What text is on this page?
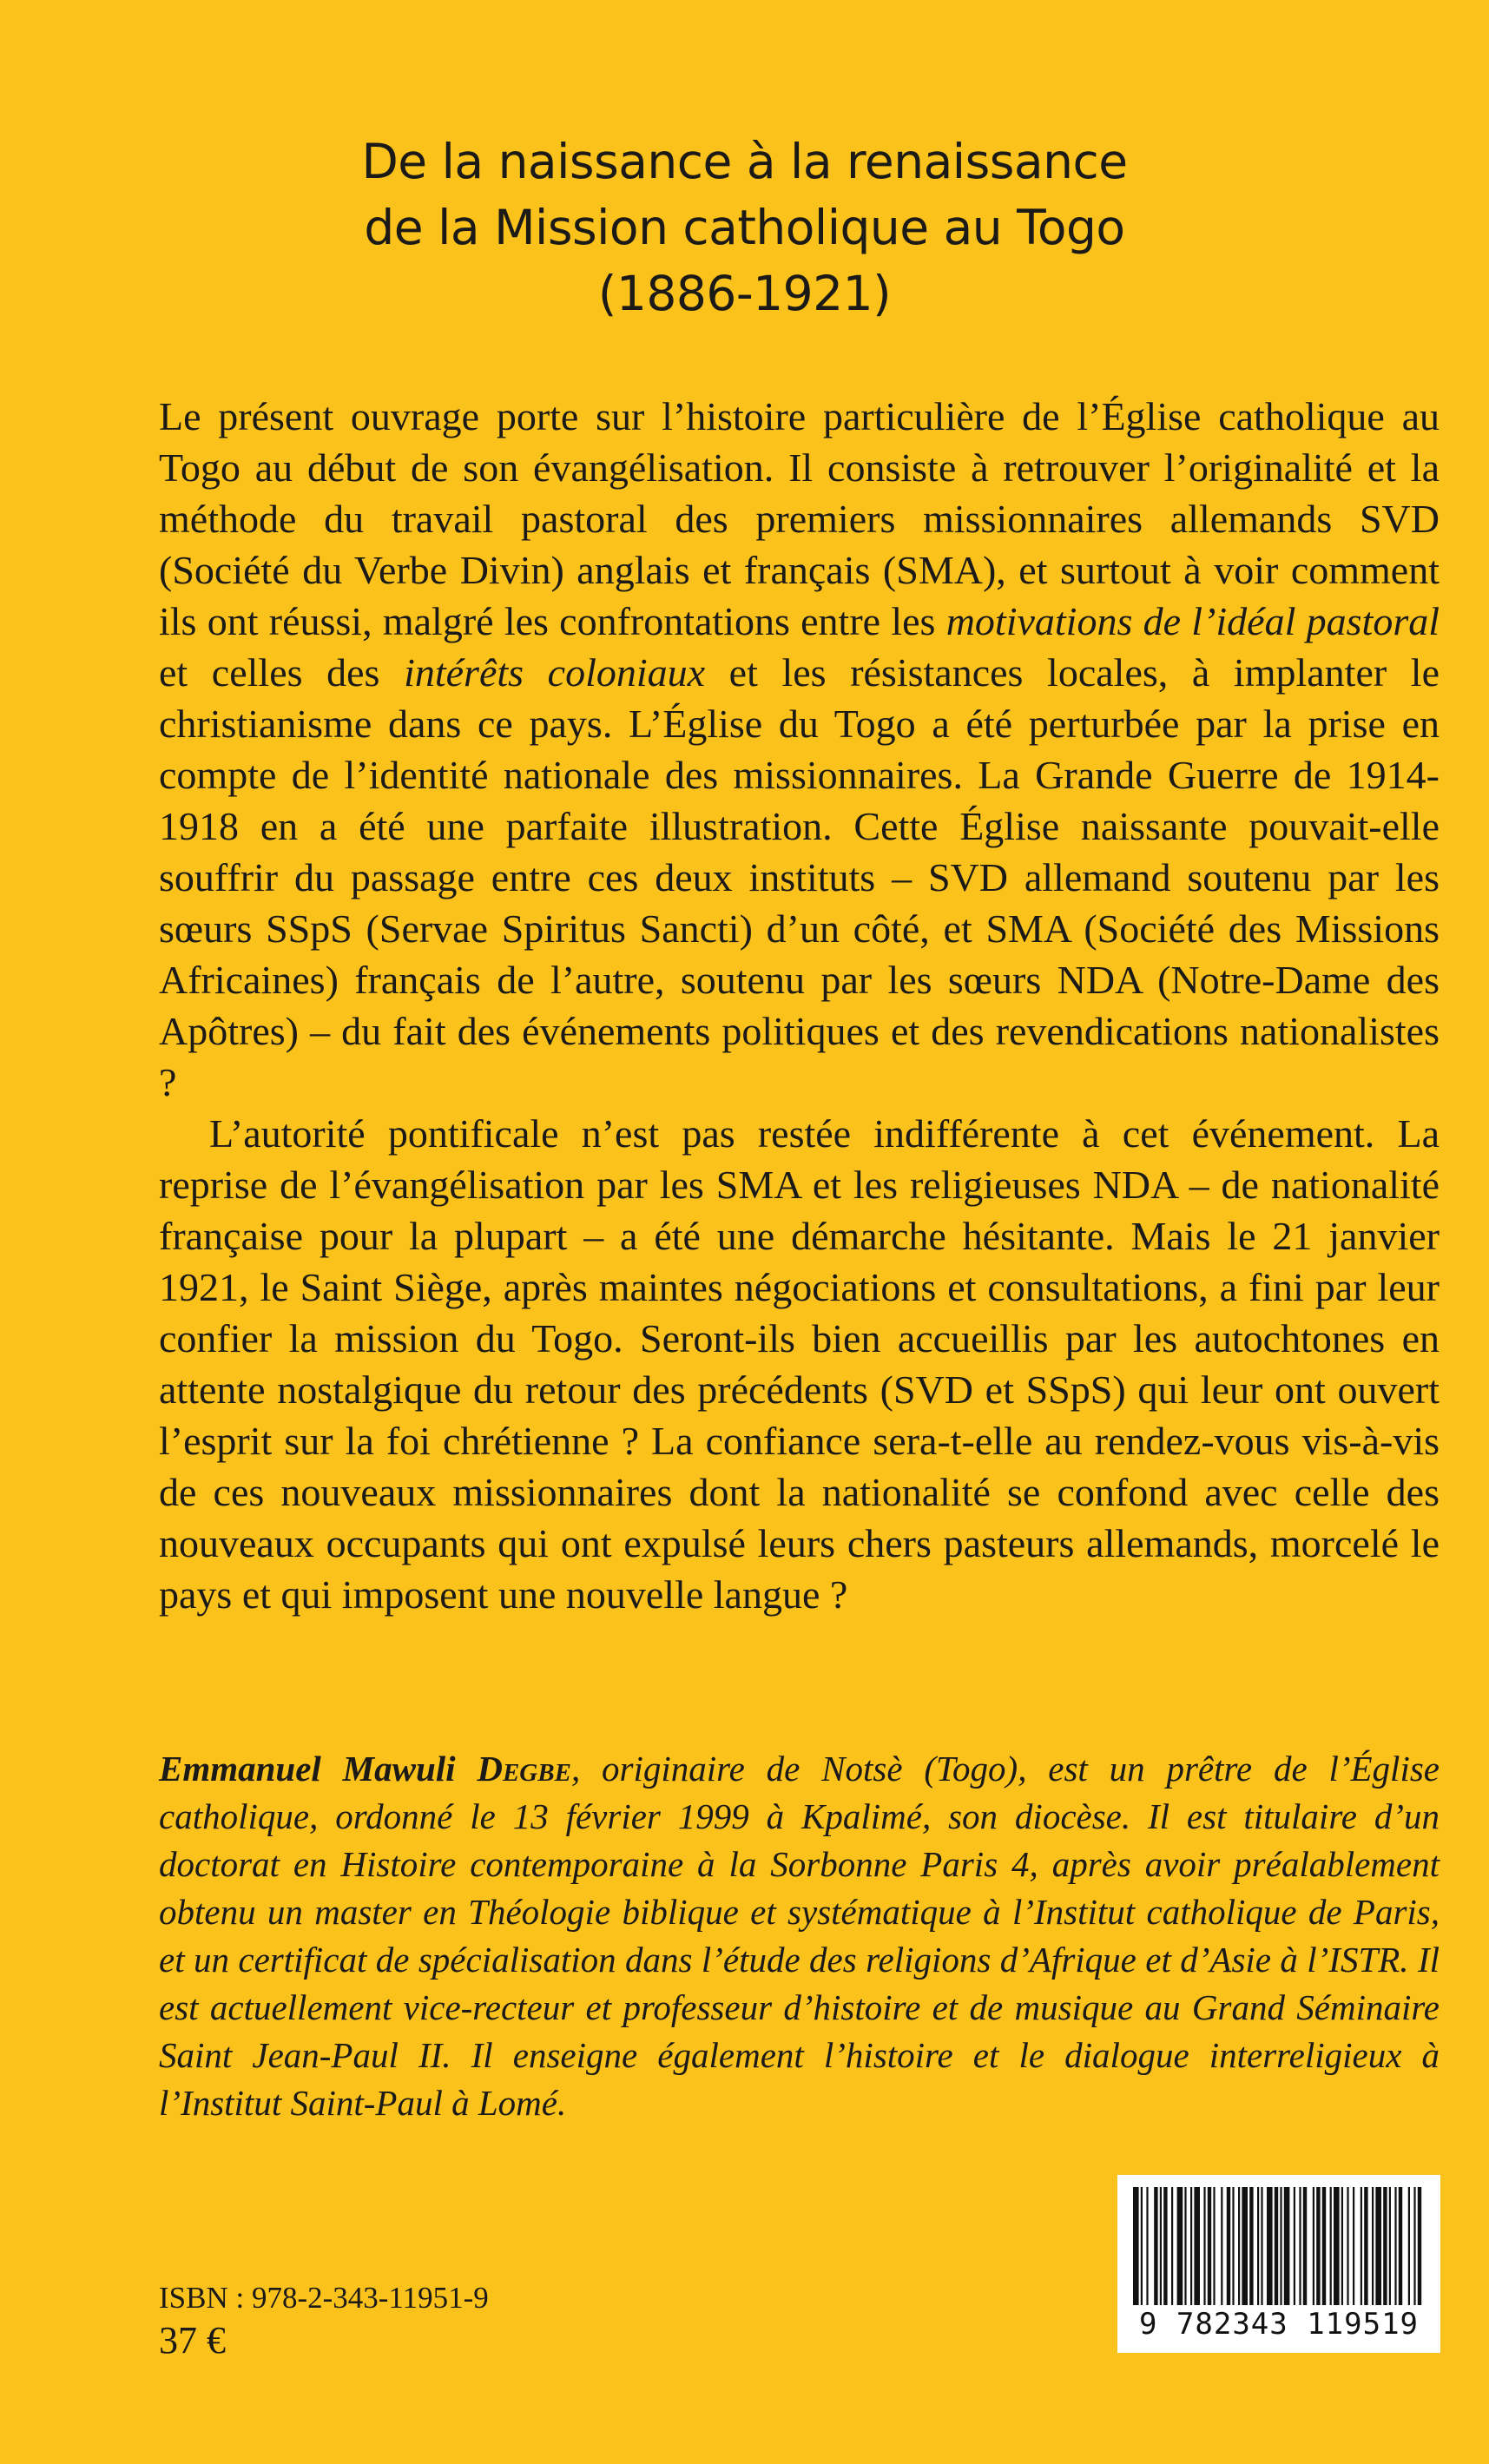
De la naissance à la renaissance
de la Mission catholique au Togo
(1886-1921)

Le présent ouvrage porte sur l’histoire particulière de l’Église catholique au Togo au début de son évangélisation. Il consiste à retrouver l’originalité et la méthode du travail pastoral des premiers missionnaires allemands SVD (Société du Verbe Divin) anglais et français (SMA), et surtout à voir comment ils ont réussi, malgré les confrontations entre les motivations de l’idéal pastoral et celles des intérêts coloniaux et les résistances locales, à implanter le christianisme dans ce pays. L’Église du Togo a été perturbée par la prise en compte de l’identité nationale des missionnaires. La Grande Guerre de 1914-1918 en a été une parfaite illustration. Cette Église naissante pouvait-elle souffrir du passage entre ces deux instituts – SVD allemand soutenu par les sœurs SSpS (Servae Spiritus Sancti) d’un côté, et SMA (Société des Missions Africaines) français de l’autre, soutenu par les sœurs NDA (Notre-Dame des Apôtres) – du fait des événements politiques et des revendications nationalistes ?

L’autorité pontificale n’est pas restée indifférente à cet événement. La reprise de l’évangélisation par les SMA et les religieuses NDA – de nationalité française pour la plupart – a été une démarche hésitante. Mais le 21 janvier 1921, le Saint Siège, après maintes négociations et consultations, a fini par leur confier la mission du Togo. Seront-ils bien accueillis par les autochtones en attente nostalgique du retour des précédents (SVD et SSpS) qui leur ont ouvert l’esprit sur la foi chrétienne ? La confiance sera-t-elle au rendez-vous vis-à-vis de ces nouveaux missionnaires dont la nationalité se confond avec celle des nouveaux occupants qui ont expulsé leurs chers pasteurs allemands, morcelé le pays et qui imposent une nouvelle langue ?

Emmanuel Mawuli Degbe, originaire de Notsè (Togo), est un prêtre de l’Église catholique, ordonné le 13 février 1999 à Kpalimé, son diocèse. Il est titulaire d’un doctorat en Histoire contemporaine à la Sorbonne Paris 4, après avoir préalablement obtenu un master en Théologie biblique et systématique à l’Institut catholique de Paris, et un certificat de spécialisation dans l’étude des religions d’Afrique et d’Asie à l’ISTR. Il est actuellement vice-recteur et professeur d’histoire et de musique au Grand Séminaire Saint Jean-Paul II. Il enseigne également l’histoire et le dialogue interreligieux à l’Institut Saint-Paul à Lomé.
ISBN : 978-2-343-11951-9
37 €	9 782343 119519
